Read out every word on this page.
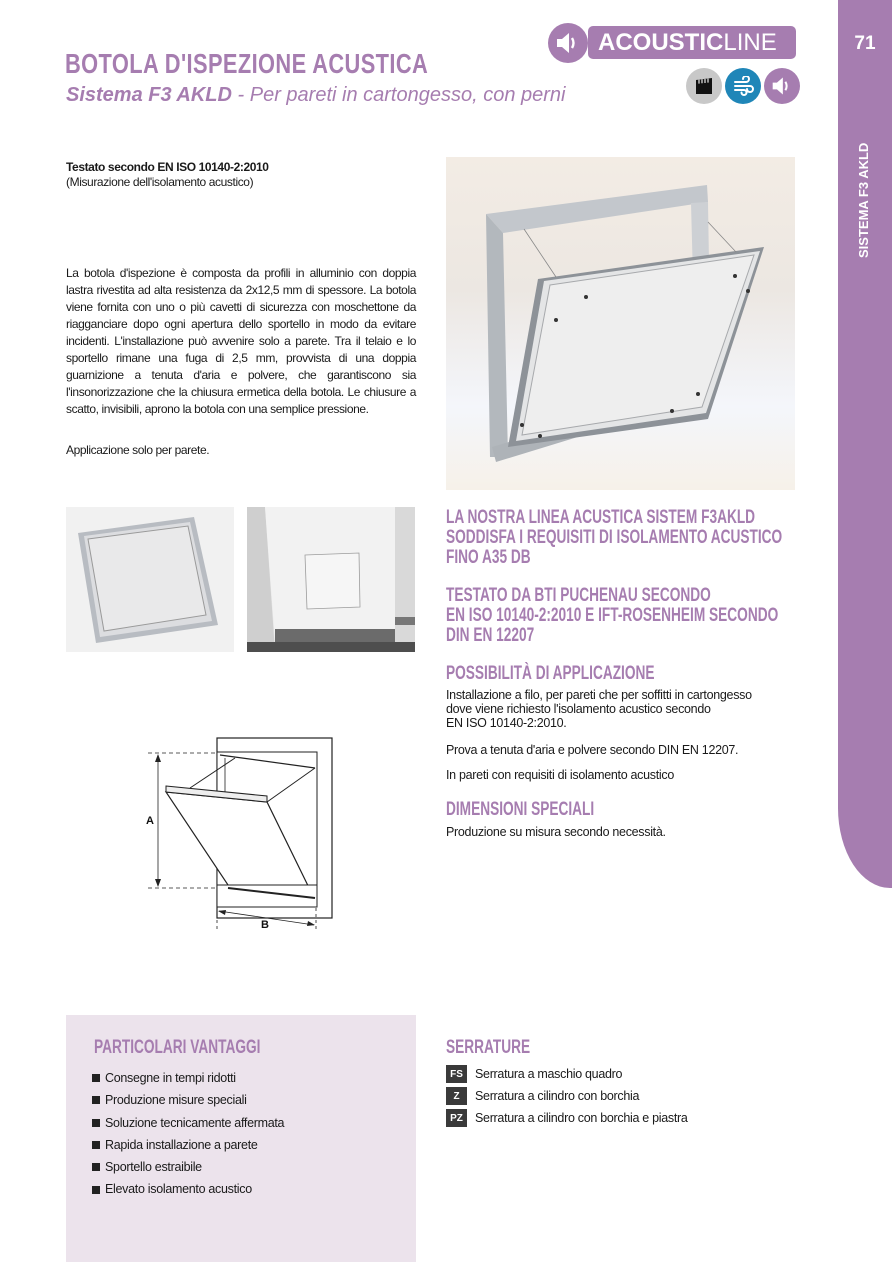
71
SISTEMA F3 AKLD
BOTOLA D'ISPEZIONE ACUSTICA
Sistema F3 AKLD - Per pareti in cartongesso, con perni
ACOUSTICLINE
Testato secondo EN ISO 10140-2:2010
(Misurazione dell'isolamento acustico)

La botola d'ispezione è composta da profili in alluminio con doppia lastra rivestita ad alta resistenza da 2x12,5 mm di spessore. La botola viene fornita con uno o più cavetti di sicurezza con moschettone da riagganciare dopo ogni apertura dello sportello in modo da evitare incidenti. L'installazione può avvenire solo a parete. Tra il telaio e lo sportello rimane una fuga di 2,5 mm, provvista di una doppia guarnizione a tenuta d'aria e polvere, che garantiscono sia l'insonorizzazione che la chiusura ermetica della botola. Le chiusure a scatto, invisibili, aprono la botola con una semplice pressione.

Applicazione solo per parete.

A
B
LA NOSTRA LINEA ACUSTICA SISTEM F3AKLD
SODDISFA I REQUISITI DI ISOLAMENTO ACUSTICO
FINO A35 DB
TESTATO DA BTI PUCHENAU SECONDO
EN ISO 10140-2:2010 E IFT-ROSENHEIM SECONDO
DIN EN 12207
POSSIBILITÀ DI APPLICAZIONE
Installazione a filo, per pareti che per soffitti in cartongesso
dove viene richiesto l'isolamento acustico secondo
EN ISO 10140-2:2010.
Prova a tenuta d'aria e polvere secondo DIN EN 12207.
In pareti con requisiti di isolamento acustico
DIMENSIONI SPECIALI
Produzione su misura secondo necessità.
PARTICOLARI VANTAGGI
Consegne in tempi ridotti
Produzione misure speciali
Soluzione tecnicamente affermata
Rapida installazione a parete
Sportello estraibile
Elevato isolamento acustico
SERRATURE
FS Serratura a maschio quadro
Z	Serratura a cilindro con borchia
PZ Serratura a cilindro con borchia e piastra
